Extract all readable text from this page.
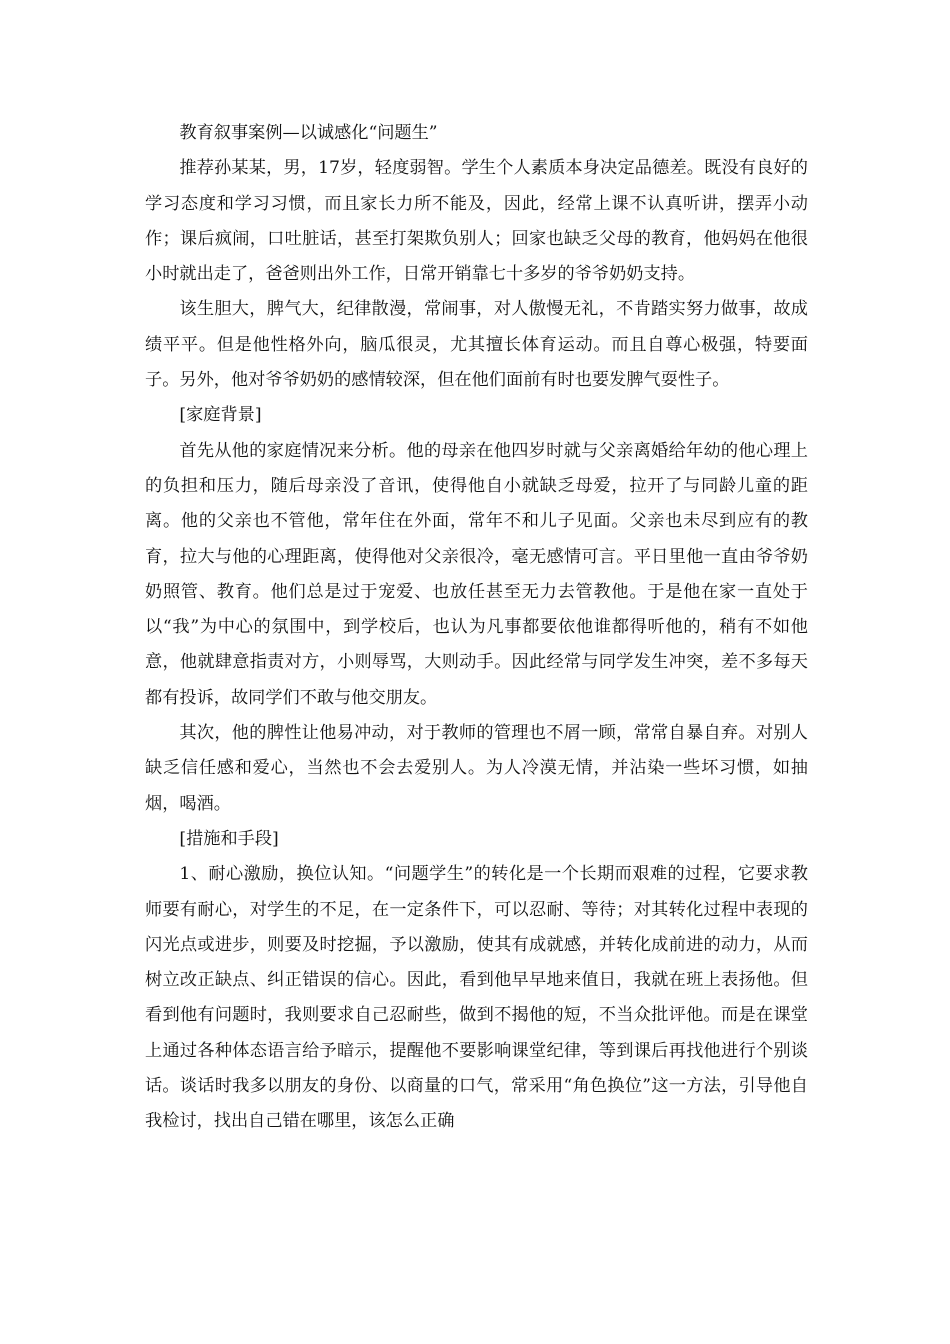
教育叙事案例—以诚感化“问题生”

推荐孙某某，男，17岁，轻度弱智。学生个人素质本身决定品德差。既没有良好的学习态度和学习习惯，而且家长力所不能及，因此，经常上课不认真听讲，摆弄小动作；课后疯闹，口吐脏话，甚至打架欺负别人；回家也缺乏父母的教育，他妈妈在他很小时就出走了，爸爸则出外工作，日常开销靠七十多岁的爷爷奶奶支持。

该生胆大，脾气大，纪律散漫，常闹事，对人傲慢无礼，不肯踏实努力做事，故成绩平平。但是他性格外向，脑瓜很灵，尤其擅长体育运动。而且自尊心极强，特要面子。另外，他对爷爷奶奶的感情较深，但在他们面前有时也要发脾气耍性子。

[家庭背景]

首先从他的家庭情况来分析。他的母亲在他四岁时就与父亲离婚给年幼的他心理上的负担和压力，随后母亲没了音讯，使得他自小就缺乏母爱，拉开了与同龄儿童的距离。他的父亲也不管他，常年住在外面，常年不和儿子见面。父亲也未尽到应有的教育，拉大与他的心理距离，使得他对父亲很冷，毫无感情可言。平日里他一直由爷爷奶奶照管、教育。他们总是过于宠爱、也放任甚至无力去管教他。于是他在家一直处于以“我”为中心的氛围中，到学校后，也认为凡事都要依他谁都得听他的，稍有不如他意，他就肆意指责对方，小则辱骂，大则动手。因此经常与同学发生冲突，差不多每天都有投诉，故同学们不敢与他交朋友。

其次，他的脾性让他易冲动，对于教师的管理也不屑一顾，常常自暴自弃。对别人缺乏信任感和爱心，当然也不会去爱别人。为人冷漠无情，并沾染一些坏习惯，如抽烟，喝酒。

[措施和手段]

1、耐心激励，换位认知。“问题学生”的转化是一个长期而艰难的过程，它要求教师要有耐心，对学生的不足，在一定条件下，可以忍耐、等待；对其转化过程中表现的闪光点或进步，则要及时挖掘，予以激励，使其有成就感，并转化成前进的动力，从而树立改正缺点、纠正错误的信心。因此，看到他早早地来值日，我就在班上表扬他。但看到他有问题时，我则要求自己忍耐些，做到不揭他的短，不当众批评他。而是在课堂上通过各种体态语言给予暗示，提醒他不要影响课堂纪律，等到课后再找他进行个别谈话。谈话时我多以朋友的身份、以商量的口气，常采用“角色换位”这一方法，引导他自我检讨，找出自己错在哪里，该怎么正确
